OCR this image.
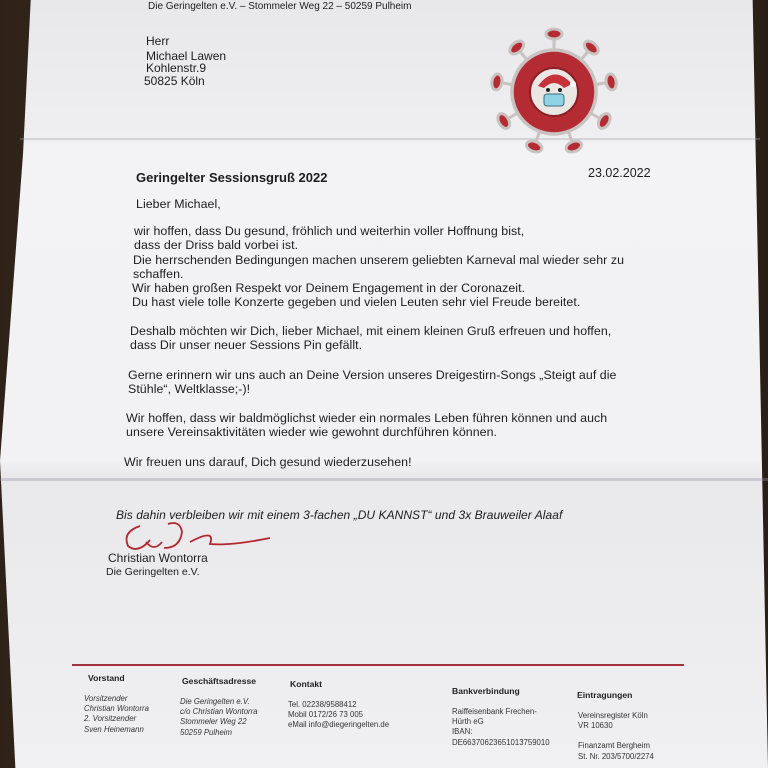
Die Geringelten e.V. – Stommeler Weg 22 – 50259 Pulheim
Herr
Michael Lawen
Kohlenstr.9
50825 Köln
Geringelter Sessionsgruß 2022	23.02.2022
Lieber Michael,
wir hoffen, dass Du gesund, fröhlich und weiterhin voller Hoffnung bist,
dass der Driss bald vorbei ist.
Die herrschenden Bedingungen machen unserem geliebten Karneval mal wieder sehr zu
schaffen.
Wir haben großen Respekt vor Deinem Engagement in der Coronazeit.
Du hast viele tolle Konzerte gegeben und vielen Leuten sehr viel Freude bereitet.
Deshalb möchten wir Dich, lieber Michael, mit einem kleinen Gruß erfreuen und hoffen,
dass Dir unser neuer Sessions Pin gefällt.
Gerne erinnern wir uns auch an Deine Version unseres Dreigestirn-Songs „Steigt auf die
Stühle“, Weltklasse;-)!
Wir hoffen, dass wir baldmöglichst wieder ein normales Leben führen können und auch
unsere Vereinsaktivitäten wieder wie gewohnt durchführen können.
Wir freuen uns darauf, Dich gesund wiederzusehen!
Bis dahin verbleiben wir mit einem 3-fachen „DU KANNST“ und 3x Brauweiler Alaaf
Christian Wontorra
Die Geringelten e.V.
Vorstand
Vorsitzender
Christian Wontorra
2. Vorsitzender
Sven Heinemann
Geschäftsadresse
Die Geringelten e.V.
c/o Christian Wontorra
Stommeler Weg 22
50259 Pulheim
Kontakt
Tel. 02238/9588412
Mobil 0172/26 73 005
eMail info@diegeringelten.de
Bankverbindung
Raiffeisenbank Frechen-
Hürth eG
IBAN:
DE66370623651013759010
Eintragungen
Vereinsregister Köln
VR 10630
Finanzamt Bergheim
St. Nr. 203/5700/2274
